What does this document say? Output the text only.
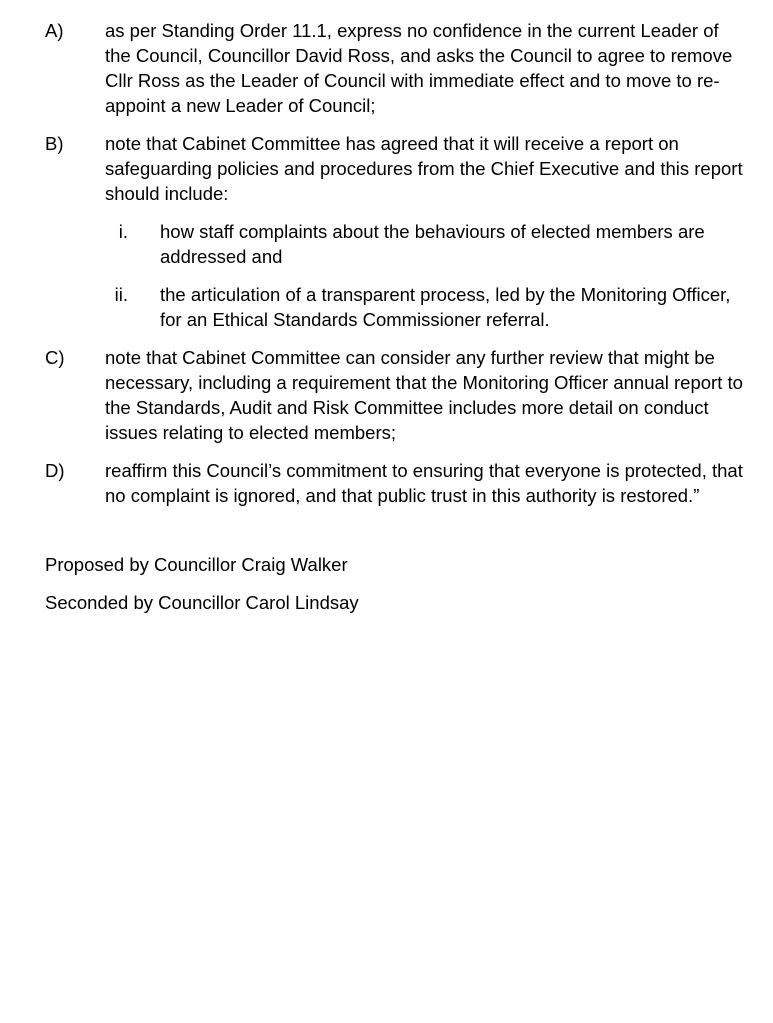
A)	as per Standing Order 11.1, express no confidence in the current Leader of
the Council, Councillor David Ross, and asks the Council to agree to remove
Cllr Ross as the Leader of Council with immediate effect and to move to re-
appoint a new Leader of Council;
B)	note that Cabinet Committee has agreed that it will receive a report on
safeguarding policies and procedures from the Chief Executive and this report
should include:
i.	how staff complaints about the behaviours of elected members are
addressed and
ii.	the articulation of a transparent process, led by the Monitoring Officer,
for an Ethical Standards Commissioner referral.
C)	note that Cabinet Committee can consider any further review that might be
necessary, including a requirement that the Monitoring Officer annual report to
the Standards, Audit and Risk Committee includes more detail on conduct
issues relating to elected members;
D)	reaffirm this Council’s commitment to ensuring that everyone is protected, that
no complaint is ignored, and that public trust in this authority is restored.”

Proposed by Councillor Craig Walker

Seconded by Councillor Carol Lindsay
